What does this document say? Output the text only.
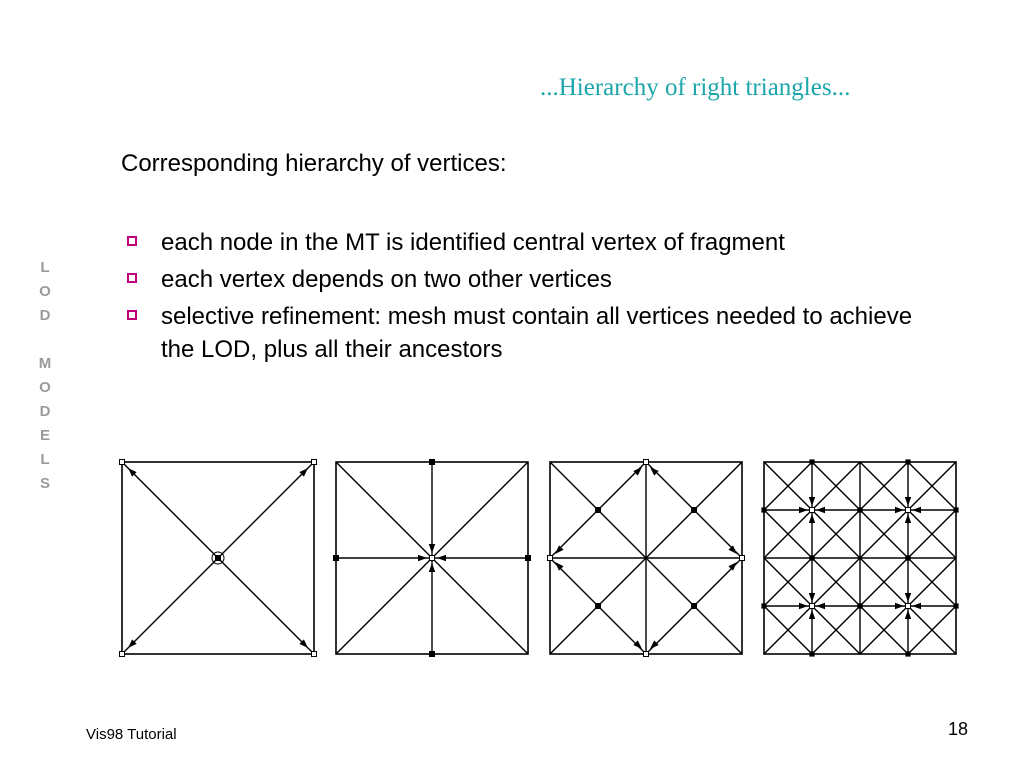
...Hierarchy of right triangles...
L
O
D
M
O
D
E
L
S
Corresponding hierarchy of vertices:
each node in the MT is identified central vertex of fragment
each vertex depends on two other vertices
selective refinement: mesh must contain all vertices needed to achieve the LOD, plus all their ancestors
Vis98 Tutorial	18
